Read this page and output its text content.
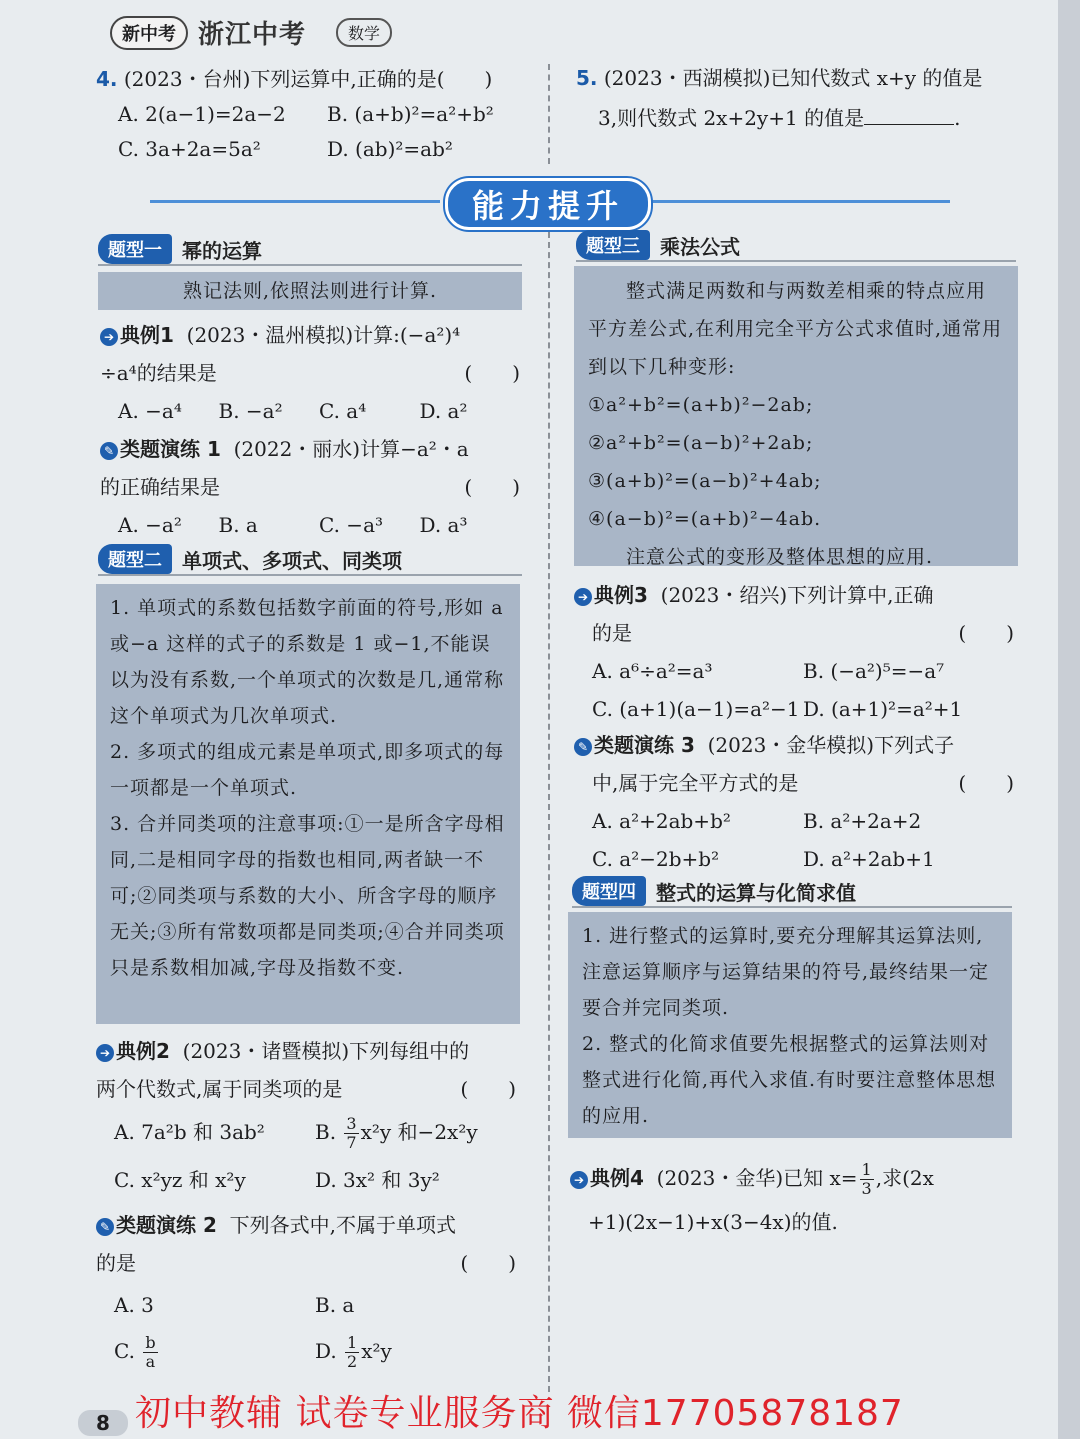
新中考 浙江中考	数学
4. (2023・台州)下列运算中,正确的是(　　)
A. 2(a−1)=2a−2	B. (a+b)²=a²+b²
C. 3a+2a=5a²	D. (ab)²=ab²
5. (2023・西湖模拟)已知代数式 x+y 的值是
3,则代数式 2x+2y+1 的值是	.
能力提升
题型一	幂的运算
熟记法则,依照法则进行计算.
➔ 典例1 (2023・温州模拟)计算:(−a²)⁴
÷a⁴的结果是	(　　)
A. −a⁴	B. −a²	C. a⁴	D. a²
✎ 类题演练 1 (2022・丽水)计算−a²・a
的正确结果是	(　　)
A. −a²	B. a	C. −a³	D. a³
题型二	单项式、多项式、同类项

1. 单项式的系数包括数字前面的符号,形如 a 或−a 这样的式子的系数是 1 或−1,不能误以为没有系数,一个单项式的次数是几,通常称这个单项式为几次单项式.

2. 多项式的组成元素是单项式,即多项式的每一项都是一个单项式.

3. 合并同类项的注意事项:①一是所含字母相同,二是相同字母的指数也相同,两者缺一不可;②同类项与系数的大小、所含字母的顺序无关;③所有常数项都是同类项;④合并同类项只是系数相加减,字母及指数不变.

➔ 典例2 (2023・诸暨模拟)下列每组中的
两个代数式,属于同类项的是	(　　)
A. 7a²b 和 3ab²	B. $\frac{3}{7} x^2y$ 和−2x²y
C. x²yz 和 x²y	D. 3x² 和 3y²
✎ 类题演练 2 下列各式中,不属于单项式
的是	(　　)
A. 3	B. a
C. $\frac{b}{a}$	D. $\frac{1}{2} x^2y$
题型三	乘法公式

整式满足两数和与两数差相乘的特点应用平方差公式,在利用完全平方公式求值时,通常用到以下几种变形:

①a²+b²=(a+b)²−2ab;

②a²+b²=(a−b)²+2ab;

③(a+b)²=(a−b)²+4ab;

④(a−b)²=(a+b)²−4ab.

注意公式的变形及整体思想的应用.

➔ 典例3 (2023・绍兴)下列计算中,正确
的是	(　　)
A. a⁶÷a²=a³	B. (−a²)⁵=−a⁷
C. (a+1)(a−1)=a²−1 D. (a+1)²=a²+1
✎ 类题演练 3 (2023・金华模拟)下列式子
中,属于完全平方式的是	(　　)
A. a²+2ab+b²	B. a²+2a+2
C. a²−2b+b²	D. a²+2ab+1
题型四	整式的运算与化简求值

1. 进行整式的运算时,要充分理解其运算法则,注意运算顺序与运算结果的符号,最终结果一定要合并完同类项.

2. 整式的化简求值要先根据整式的运算法则对整式进行化简,再代入求值.有时要注意整体思想的应用.

➔ 典例4 (2023・金华)已知 $x= \frac{1}{3}$ ,求(2x
+1)(2x−1)+x(3−4x)的值.
8 初中教辅 试卷专业服务商 微信17705878187
